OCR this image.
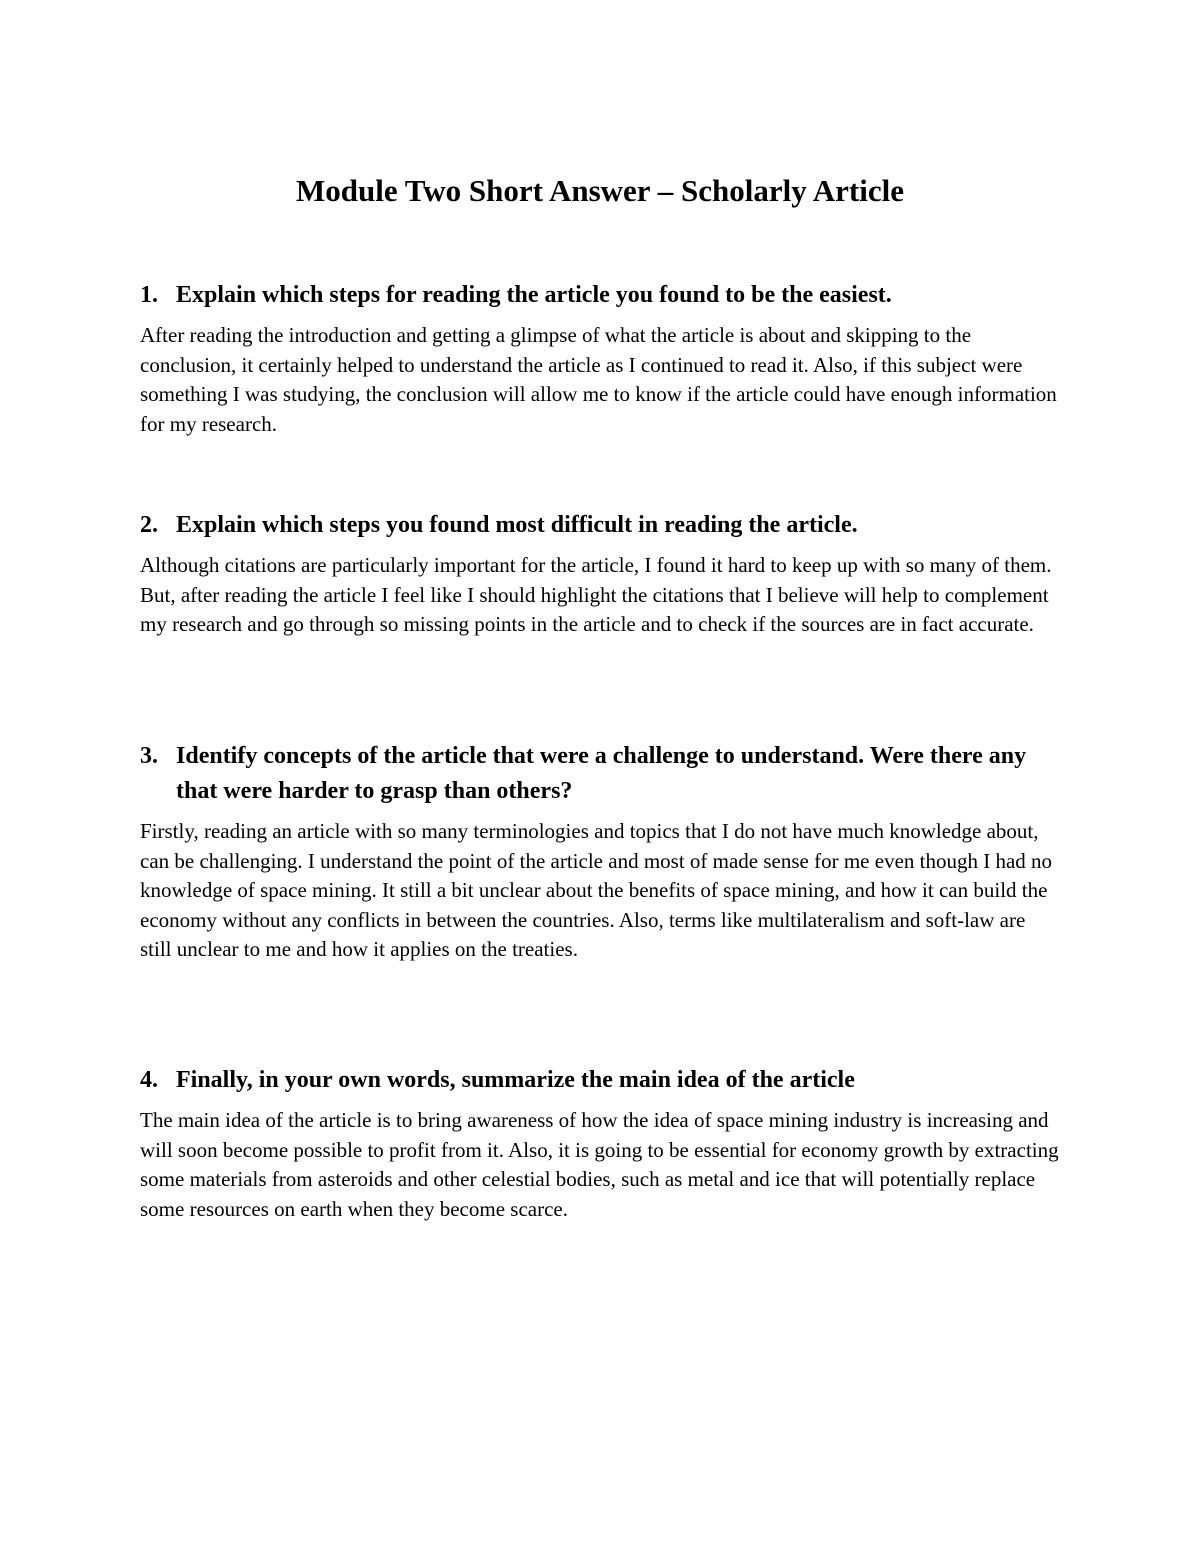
Module Two Short Answer – Scholarly Article
1. Explain which steps for reading the article you found to be the easiest.

After reading the introduction and getting a glimpse of what the article is about and skipping to the conclusion, it certainly helped to understand the article as I continued to read it. Also, if this subject were something I was studying, the conclusion will allow me to know if the article could have enough information for my research.

2. Explain which steps you found most difficult in reading the article.

Although citations are particularly important for the article, I found it hard to keep up with so many of them. But, after reading the article I feel like I should highlight the citations that I believe will help to complement my research and go through so missing points in the article and to check if the sources are in fact accurate.

3. Identify concepts of the article that were a challenge to understand. Were there any that were harder to grasp than others?

Firstly, reading an article with so many terminologies and topics that I do not have much knowledge about, can be challenging. I understand the point of the article and most of made sense for me even though I had no knowledge of space mining. It still a bit unclear about the benefits of space mining, and how it can build the economy without any conflicts in between the countries. Also, terms like multilateralism and soft-law are still unclear to me and how it applies on the treaties.

4. Finally, in your own words, summarize the main idea of the article

The main idea of the article is to bring awareness of how the idea of space mining industry is increasing and will soon become possible to profit from it. Also, it is going to be essential for economy growth by extracting some materials from asteroids and other celestial bodies, such as metal and ice that will potentially replace some resources on earth when they become scarce.
